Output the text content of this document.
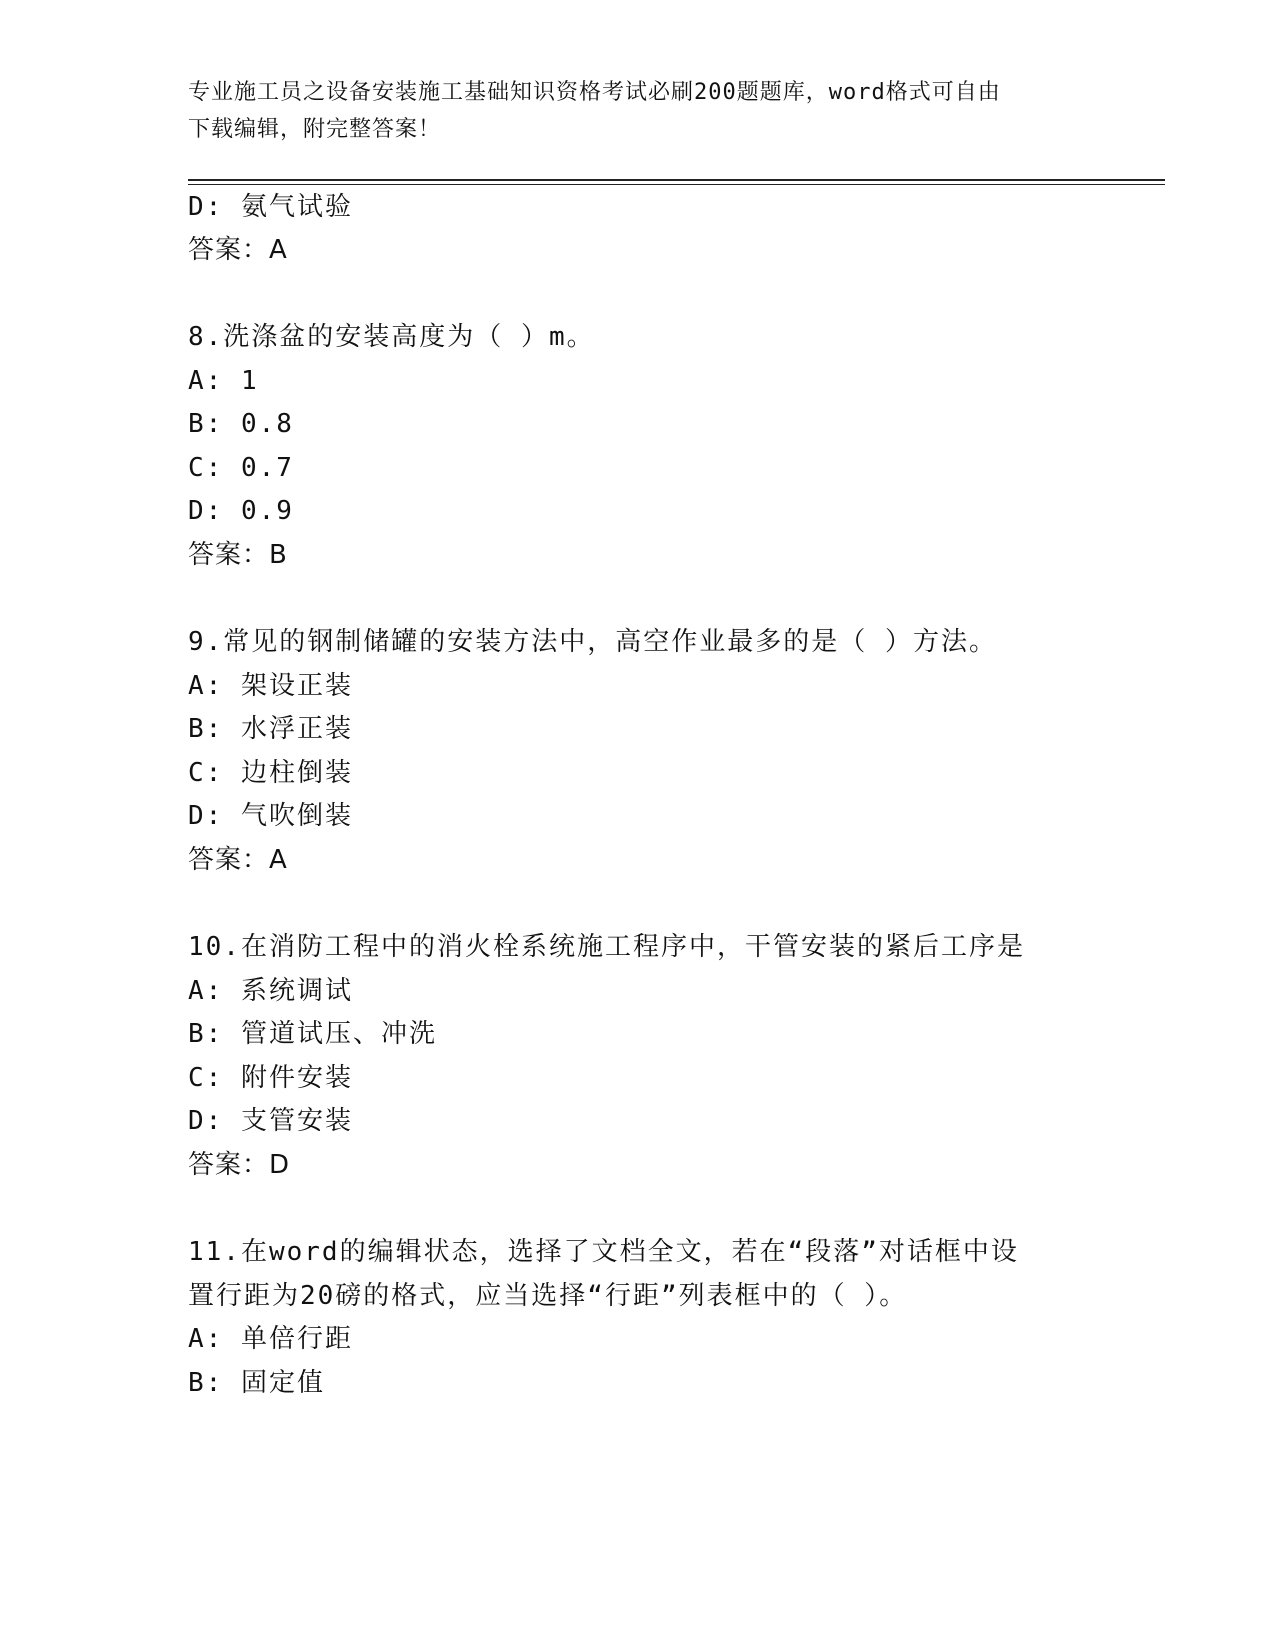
专业施工员之设备安装施工基础知识资格考试必刷200题题库，word格式可自由
下载编辑，附完整答案！
D: 氨气试验
答案：A
8.洗涤盆的安装高度为（ ）m。
A: 1
B: 0.8
C: 0.7
D: 0.9
答案：B
9.常见的钢制储罐的安装方法中，高空作业最多的是（ ）方法。
A: 架设正装
B: 水浮正装
C: 边柱倒装
D: 气吹倒装
答案：A
10.在消防工程中的消火栓系统施工程序中，干管安装的紧后工序是
A: 系统调试
B: 管道试压、冲洗
C: 附件安装
D: 支管安装
答案：D
11.在word的编辑状态，选择了文档全文，若在“段落”对话框中设
置行距为20磅的格式，应当选择“行距”列表框中的（ ）。
A: 单倍行距
B: 固定值
